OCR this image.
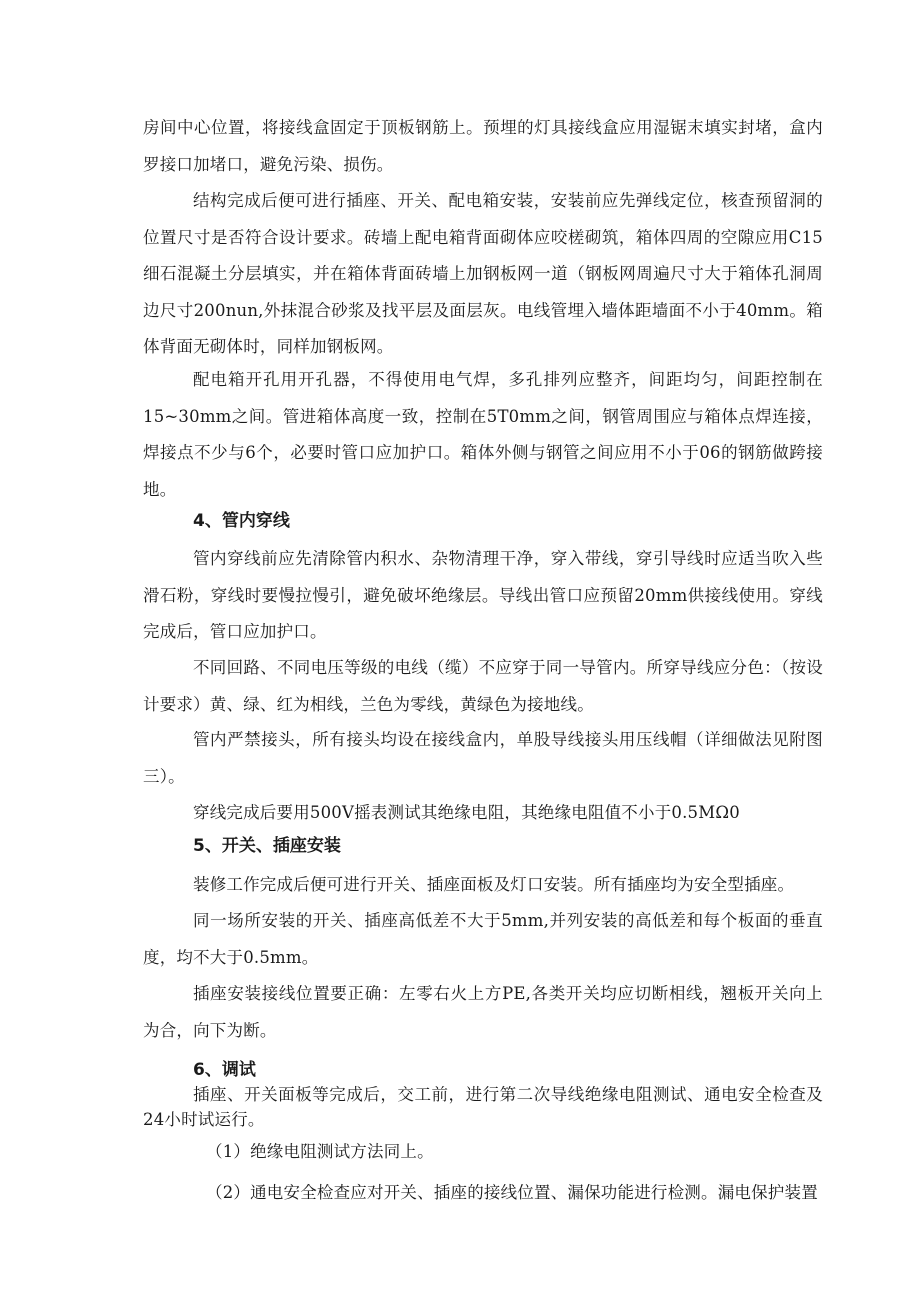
房间中心位置，将接线盒固定于顶板钢筋上。预埋的灯具接线盒应用湿锯末填实封堵，盒内罗接口加堵口，避免污染、损伤。

结构完成后便可进行插座、开关、配电箱安装，安装前应先弹线定位，核查预留洞的位置尺寸是否符合设计要求。砖墙上配电箱背面砌体应咬槎砌筑，箱体四周的空隙应用C15细石混凝土分层填实，并在箱体背面砖墙上加钢板网一道（钢板网周遍尺寸大于箱体孔洞周边尺寸200nun,外抹混合砂浆及找平层及面层灰。电线管埋入墙体距墙面不小于40mm。箱体背面无砌体时，同样加钢板网。

配电箱开孔用开孔器，不得使用电气焊，多孔排列应整齐，间距均匀，间距控制在15~30mm之间。管进箱体高度一致，控制在5T0mm之间，钢管周围应与箱体点焊连接，焊接点不少与6个，必要时管口应加护口。箱体外侧与钢管之间应用不小于06的钢筋做跨接地。

4、管内穿线

管内穿线前应先清除管内积水、杂物清理干净，穿入带线，穿引导线时应适当吹入些滑石粉，穿线时要慢拉慢引，避免破坏绝缘层。导线出管口应预留20mm供接线使用。穿线完成后，管口应加护口。

不同回路、不同电压等级的电线（缆）不应穿于同一导管内。所穿导线应分色：（按设计要求）黄、绿、红为相线，兰色为零线，黄绿色为接地线。

管内严禁接头，所有接头均设在接线盒内，单股导线接头用压线帽（详细做法见附图三）。

穿线完成后要用500V摇表测试其绝缘电阻，其绝缘电阻值不小于0.5MΩ0

5、开关、插座安装

装修工作完成后便可进行开关、插座面板及灯口安装。所有插座均为安全型插座。

同一场所安装的开关、插座高低差不大于5mm,并列安装的高低差和每个板面的垂直度，均不大于0.5mm。

插座安装接线位置要正确：左零右火上方PE,各类开关均应切断相线，翘板开关向上为合，向下为断。

6、调试

插座、开关面板等完成后，交工前，进行第二次导线绝缘电阻测试、通电安全检查及24小时试运行。

（1）绝缘电阻测试方法同上。

（2）通电安全检查应对开关、插座的接线位置、漏保功能进行检测。漏电保护装置
